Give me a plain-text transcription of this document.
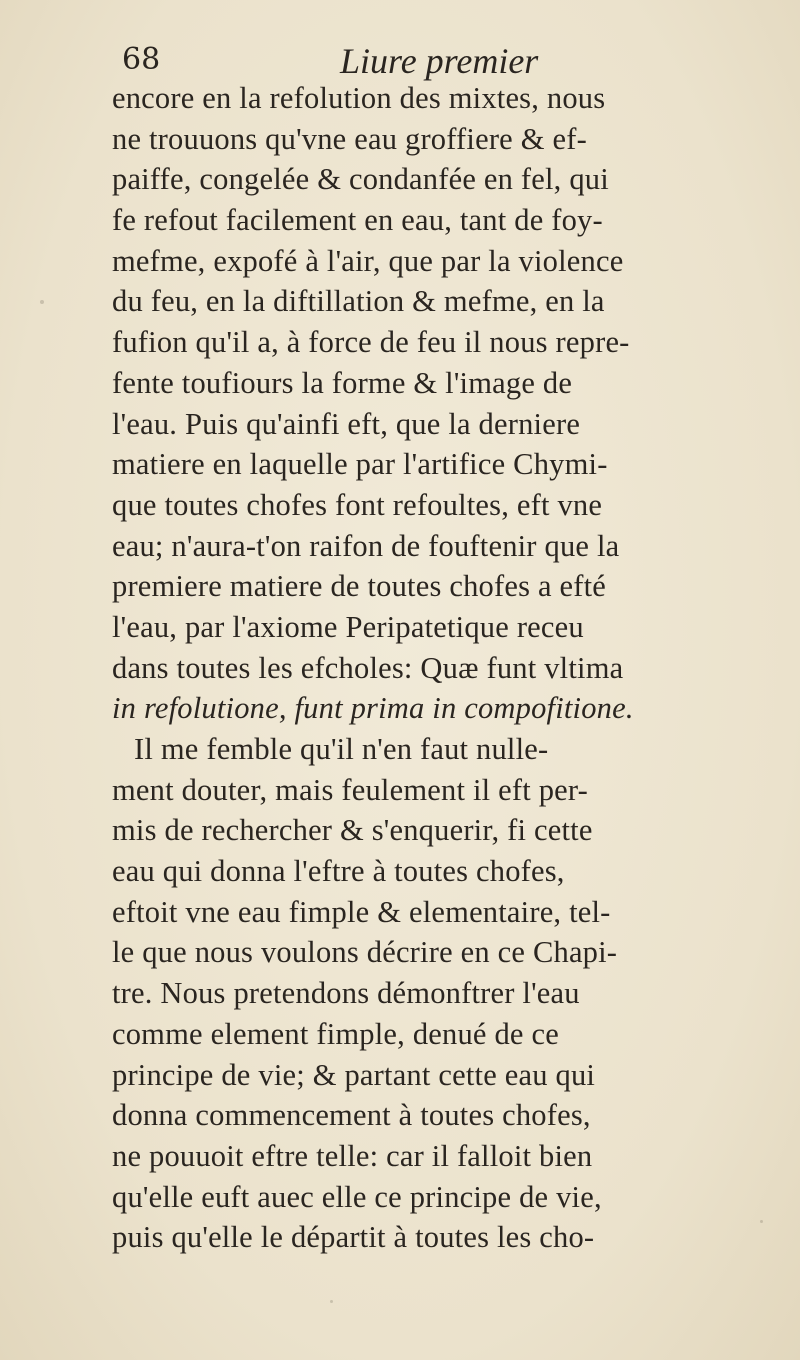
68	Liure premier
encore en la refolution des mixtes, nous
ne trouuons qu'vne eau groffiere & ef-
paiffe, congelée & condanfée en fel, qui
fe refout facilement en eau, tant de foy-
mefme, expofé à l'air, que par la violence
du feu, en la diftillation & mefme, en la
fufion qu'il a, à force de feu il nous repre-
fente toufiours la forme & l'image de
l'eau. Puis qu'ainfi eft, que la derniere
matiere en laquelle par l'artifice Chymi-
que toutes chofes font refoultes, eft vne
eau; n'aura-t'on raifon de fouftenir que la
premiere matiere de toutes chofes a efté
l'eau, par l'axiome Peripatetique receu
dans toutes les efcholes: Quæ funt vltima
in refolutione, funt prima in compofitione.
Il me femble qu'il n'en faut nulle-
ment douter, mais feulement il eft per-
mis de rechercher & s'enquerir, fi cette
eau qui donna l'eftre à toutes chofes,
eftoit vne eau fimple & elementaire, tel-
le que nous voulons décrire en ce Chapi-
tre. Nous pretendons démonftrer l'eau
comme element fimple, denué de ce
principe de vie; & partant cette eau qui
donna commencement à toutes chofes,
ne pouuoit eftre telle: car il falloit bien
qu'elle euft auec elle ce principe de vie,
puis qu'elle le départit à toutes les cho-
